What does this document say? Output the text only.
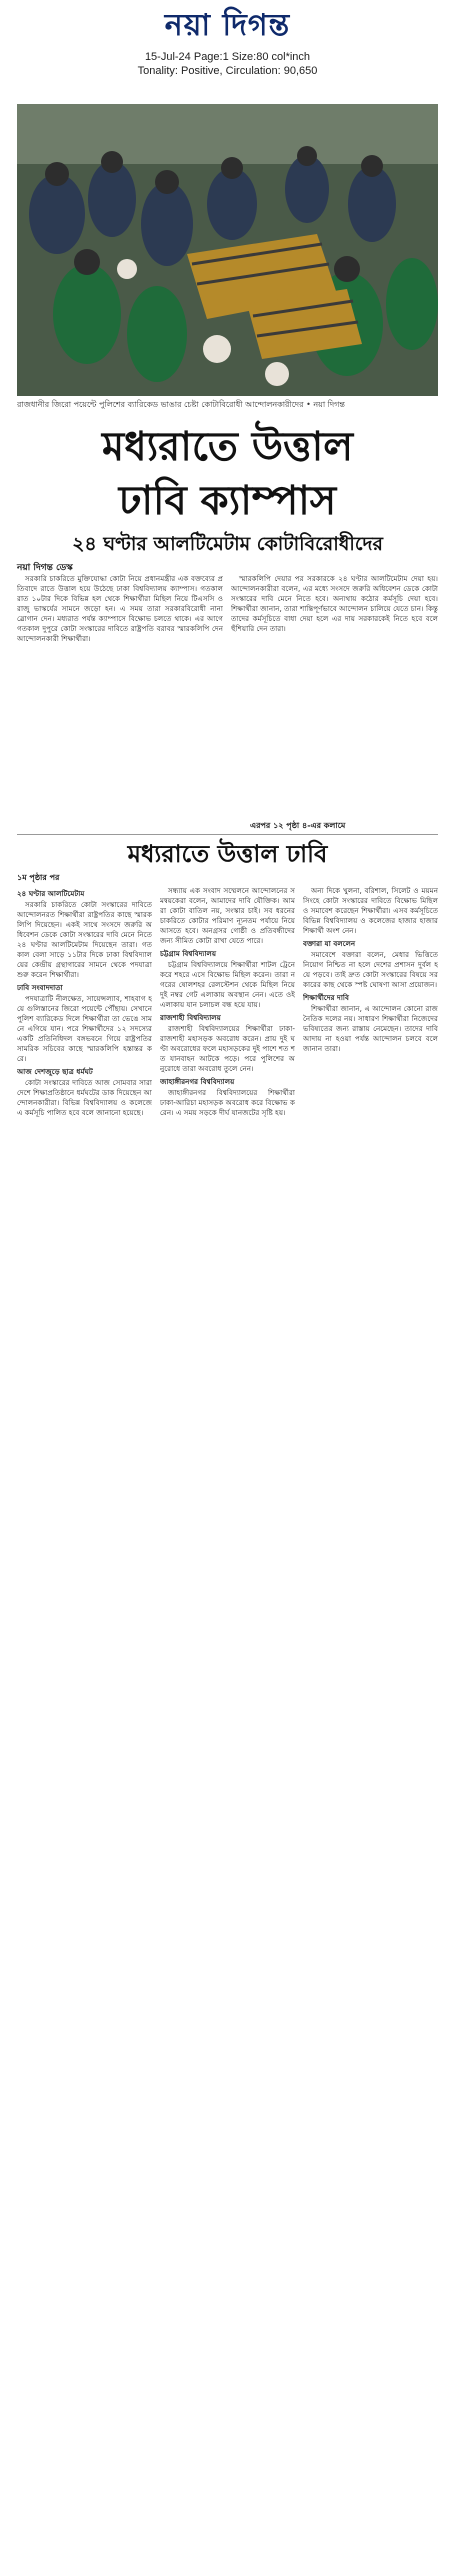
নয়া দিগন্ত
15-Jul-24 Page:1 Size:80 col*inch
Tonality: Positive, Circulation: 90,650
রাজধানীর জিরো পয়েন্টে পুলিশের ব্যারিকেড ভাঙার চেষ্টা কোটাবিরোধী আন্দোলনকারীদের • নয়া দিগন্ত
মধ্যরাতে উত্তাল
ঢাবি ক্যাম্পাস
২৪ ঘণ্টার আলটিমেটাম কোটাবিরোধীদের
নয়া দিগন্ত ডেস্ক

সরকারি চাকরিতে মুক্তিযোদ্ধা কোটা নিয়ে প্রধানমন্ত্রীর এক বক্তব্যের প্রতিবাদে রাতে উত্তাল হয়ে উঠেছে ঢাকা বিশ্ববিদ্যালয় ক্যাম্পাস। গতকাল রাত ১০টার দিকে বিভিন্ন হল থেকে শিক্ষার্থীরা মিছিল নিয়ে টিএসসি ও রাজু ভাস্কর্যের সামনে জড়ো হন। এ সময় তারা সরকারবিরোধী নানা স্লোগান দেন। মধ্যরাত পর্যন্ত ক্যাম্পাসে বিক্ষোভ চলতে থাকে। এর আগে গতকাল দুপুরে কোটা সংস্কারের দাবিতে রাষ্ট্রপতি বরাবর স্মারকলিপি দেন আন্দোলনকারী শিক্ষার্থীরা।

স্মারকলিপি দেয়ার পর সরকারকে ২৪ ঘণ্টার আলটিমেটাম দেয়া হয়। আন্দোলনকারীরা বলেন, এর মধ্যে সংসদে জরুরি অধিবেশন ডেকে কোটা সংস্কারের দাবি মেনে নিতে হবে। অন্যথায় কঠোর কর্মসূচি দেয়া হবে। শিক্ষার্থীরা জানান, তারা শান্তিপূর্ণভাবে আন্দোলন চালিয়ে যেতে চান। কিন্তু তাদের কর্মসূচিতে বাধা দেয়া হলে এর দায় সরকারকেই নিতে হবে বলে হুঁশিয়ারি দেন তারা।

এরপর ১২ পৃষ্ঠা ৪-এর কলামে
মধ্যরাতে উত্তাল ঢাবি
১ম পৃষ্ঠার পর

২৪ ঘণ্টার আলটিমেটাম

সরকারি চাকরিতে কোটা সংস্কারের দাবিতে আন্দোলনরত শিক্ষার্থীরা রাষ্ট্রপতির কাছে স্মারকলিপি দিয়েছেন। একই সাথে সংসদে জরুরি অধিবেশন ডেকে কোটা সংস্কারের দাবি মেনে নিতে ২৪ ঘণ্টার আলটিমেটাম দিয়েছেন তারা। গতকাল বেলা সাড়ে ১১টার দিকে ঢাকা বিশ্ববিদ্যালয়ের কেন্দ্রীয় গ্রন্থাগারের সামনে থেকে পদযাত্রা শুরু করেন শিক্ষার্থীরা।

ঢাবি সংবাদদাতা

পদযাত্রাটি নীলক্ষেত, সায়েন্সল্যাব, শাহবাগ হয়ে গুলিস্তানের জিরো পয়েন্টে পৌঁছায়। সেখানে পুলিশ ব্যারিকেড দিলে শিক্ষার্থীরা তা ভেঙে সামনে এগিয়ে যান। পরে শিক্ষার্থীদের ১২ সদস্যের একটি প্রতিনিধিদল বঙ্গভবনে গিয়ে রাষ্ট্রপতির সামরিক সচিবের কাছে স্মারকলিপি হস্তান্তর করে।

আজ দেশজুড়ে ছাত্র ধর্মঘট

কোটা সংস্কারের দাবিতে আজ সোমবার সারা দেশে শিক্ষাপ্রতিষ্ঠানে ধর্মঘটের ডাক দিয়েছেন আন্দোলনকারীরা। বিভিন্ন বিশ্ববিদ্যালয় ও কলেজে এ কর্মসূচি পালিত হবে বলে জানানো হয়েছে।

সন্ধ্যায় এক সংবাদ সম্মেলনে আন্দোলনের সমন্বয়কেরা বলেন, আমাদের দাবি যৌক্তিক। আমরা কোটা বাতিল নয়, সংস্কার চাই। সব ধরনের চাকরিতে কোটার পরিমাণ ন্যূনতম পর্যায়ে নিয়ে আসতে হবে। অনগ্রসর গোষ্ঠী ও প্রতিবন্ধীদের জন্য সীমিত কোটা রাখা যেতে পারে।

চট্টগ্রাম বিশ্ববিদ্যালয়

চট্টগ্রাম বিশ্ববিদ্যালয়ে শিক্ষার্থীরা শাটল ট্রেনে করে শহরে এসে বিক্ষোভ মিছিল করেন। তারা নগরের ষোলশহর রেলস্টেশন থেকে মিছিল নিয়ে দুই নম্বর গেট এলাকায় অবস্থান নেন। এতে ওই এলাকায় যান চলাচল বন্ধ হয়ে যায়।

রাজশাহী বিশ্ববিদ্যালয়

রাজশাহী বিশ্ববিদ্যালয়ের শিক্ষার্থীরা ঢাকা-রাজশাহী মহাসড়ক অবরোধ করেন। প্রায় দুই ঘণ্টা অবরোধের ফলে মহাসড়কের দুই পাশে শত শত যানবাহন আটকে পড়ে। পরে পুলিশের অনুরোধে তারা অবরোধ তুলে নেন।

জাহাঙ্গীরনগর বিশ্ববিদ্যালয়

জাহাঙ্গীরনগর বিশ্ববিদ্যালয়ের শিক্ষার্থীরা ঢাকা-আরিচা মহাসড়ক অবরোধ করে বিক্ষোভ করেন। এ সময় সড়কে দীর্ঘ যানজটের সৃষ্টি হয়।

অন্য দিকে খুলনা, বরিশাল, সিলেট ও ময়মনসিংহে কোটা সংস্কারের দাবিতে বিক্ষোভ মিছিল ও সমাবেশ করেছেন শিক্ষার্থীরা। এসব কর্মসূচিতে বিভিন্ন বিশ্ববিদ্যালয় ও কলেজের হাজার হাজার শিক্ষার্থী অংশ নেন।

বক্তারা যা বললেন

সমাবেশে বক্তারা বলেন, মেধার ভিত্তিতে নিয়োগ নিশ্চিত না হলে দেশের প্রশাসন দুর্বল হয়ে পড়বে। তাই দ্রুত কোটা সংস্কারের বিষয়ে সরকারের কাছ থেকে স্পষ্ট ঘোষণা আসা প্রয়োজন।

শিক্ষার্থীদের দাবি

শিক্ষার্থীরা জানান, এ আন্দোলন কোনো রাজনৈতিক দলের নয়। সাধারণ শিক্ষার্থীরা নিজেদের ভবিষ্যতের জন্য রাস্তায় নেমেছেন। তাদের দাবি আদায় না হওয়া পর্যন্ত আন্দোলন চলবে বলে জানান তারা।
